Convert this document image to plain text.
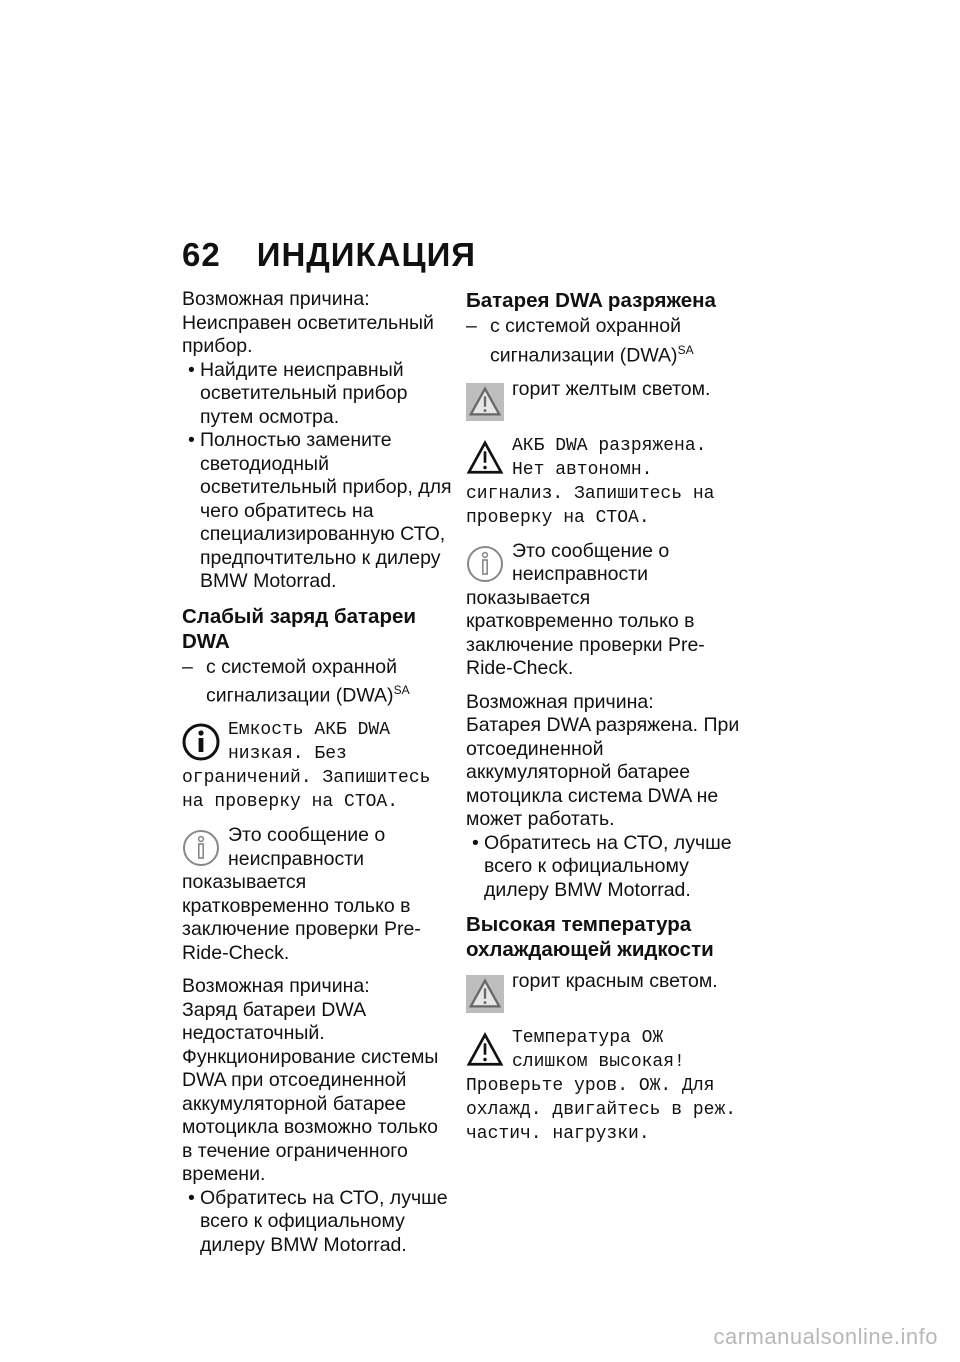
62 ИНДИКАЦИЯ

Возможная причина:

Неисправен осветительный прибор.

• Найдите неисправный осветительный прибор путем осмотра.

• Полностью замените светодиодный осветительный прибор, для чего обратитесь на специализированную СТО, предпочтительно к дилеру BMW Motorrad.

Слабый заряд батареи DWA

– с системой охранной сигнализации (DWA)$^{SA}$

Емкость АКБ DWA низкая. Без ограничений. Запишитесь на проверку на СТОА.

Это сообщение о неисправности показывается кратковременно только в заключение проверки Pre-Ride-Check.

Возможная причина:

Заряд батареи DWA недостаточный. Функционирование системы DWA при отсоединенной аккумуляторной батарее мотоцикла возможно только в течение ограниченного времени.

• Обратитесь на СТО, лучше всего к официальному дилеру BMW Motorrad.

Батарея DWA разряжена

– с системой охранной сигнализации (DWA)$^{SA}$

горит желтым светом.

АКБ DWA разряжена. Нет автономн. сигнализ. Запишитесь на проверку на СТОА.

Это сообщение о неисправности показывается кратковременно только в заключение проверки Pre-Ride-Check.

Возможная причина:

Батарея DWA разряжена. При отсоединенной аккумуляторной батарее мотоцикла система DWA не может работать.

• Обратитесь на СТО, лучше всего к официальному дилеру BMW Motorrad.

Высокая температура охлаждающей жидкости

горит красным светом.

Температура ОЖ слишком высокая! Проверьте уров. ОЖ. Для охлажд. двигайтесь в реж. частич. нагрузки.

carmanualsonline.info
